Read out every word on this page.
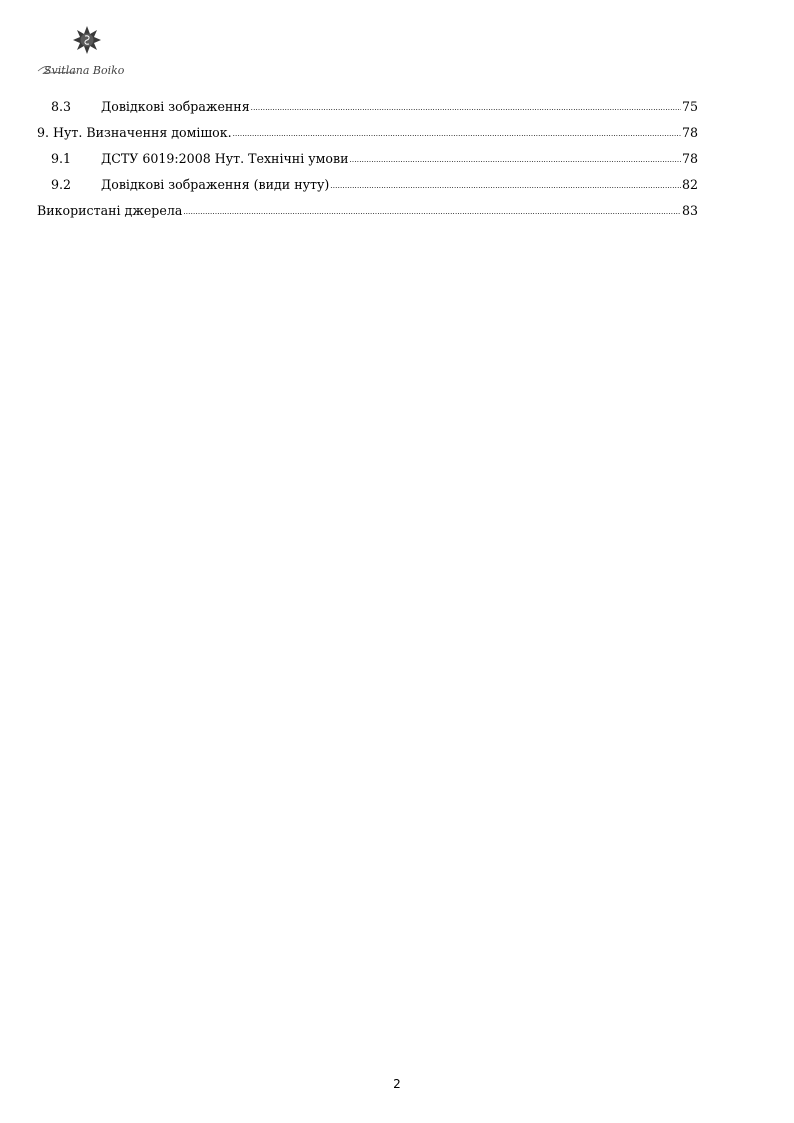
Svitlana Boiko
8.3	Довідкові зображення .....	75
9. Нут. Визначення домішок. .....	78
9.1	ДСТУ 6019:2008 Нут. Технічні умови .....	78
9.2	Довідкові зображення (види нуту) .....	82
Використані джерела .....	83
2
